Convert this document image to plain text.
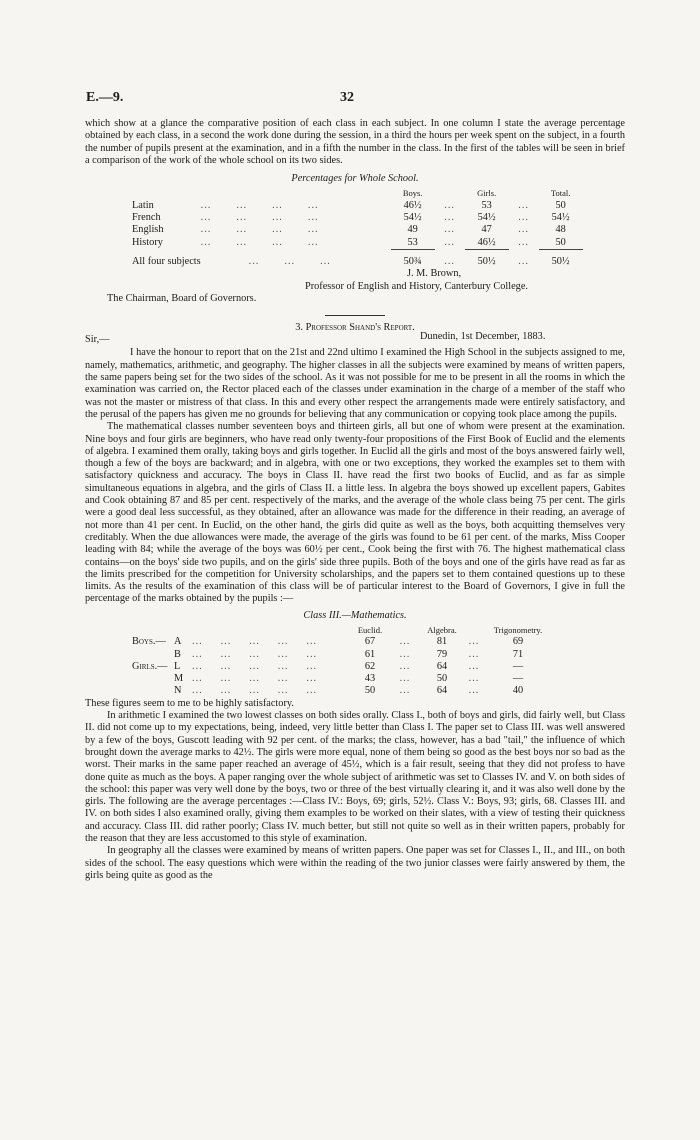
E.—9.	32

which show at a glance the comparative position of each class in each subject. In one column I state the average percentage obtained by each class, in a second the work done during the session, in a third the hours per week spent on the subject, in a fourth the number of pupils present at the examination, and in a fifth the number in the class. In the first of the tables will be seen in brief a comparison of the work of the whole school on its two sides.

Percentages for Whole School.

		Boys.		Girls.		Total.
Latin	...       ...       ...       ...	46½	...	53	...	50
French	...       ...       ...       ...	54½	...	54½	...	54½
English	...       ...       ...       ...	49	...	47	...	48
History	...       ...       ...       ...	53	...	46½	...	50
All four subjects	...       ...       ...	50¾	...	50½	...	50½

J. M. Brown,

Professor of English and History, Canterbury College.

The Chairman, Board of Governors.

3. Professor Shand's Report.

Sir,—	Dunedin, 1st December, 1883.

I have the honour to report that on the 21st and 22nd ultimo I examined the High School in the subjects assigned to me, namely, mathematics, arithmetic, and geography. The higher classes in all the subjects were examined by means of written papers, the same papers being set for the two sides of the school. As it was not possible for me to be present in all the rooms in which the examination was carried on, the Rector placed each of the classes under examination in the charge of a member of the staff who was not the master or mistress of that class. In this and every other respect the arrangements made were entirely satisfactory, and the perusal of the papers has given me no grounds for believing that any communication or copying took place among the pupils.

The mathematical classes number seventeen boys and thirteen girls, all but one of whom were present at the examination. Nine boys and four girls are beginners, who have read only twenty-four propositions of the First Book of Euclid and the elements of algebra. I examined them orally, taking boys and girls together. In Euclid all the girls and most of the boys answered fairly well, though a few of the boys are backward; and in algebra, with one or two exceptions, they worked the examples set to them with satisfactory quickness and accuracy. The boys in Class II. have read the first two books of Euclid, and as far as simple simultaneous equations in algebra, and the girls of Class II. a little less. In algebra the boys showed up excellent papers, Gabites and Cook obtaining 87 and 85 per cent. respectively of the marks, and the average of the whole class being 75 per cent. The girls were a good deal less successful, as they obtained, after an allowance was made for the difference in their reading, an average of not more than 41 per cent. In Euclid, on the other hand, the girls did quite as well as the boys, both acquitting themselves very creditably. When the due allowances were made, the average of the girls was found to be 61 per cent. of the marks, Miss Cooper leading with 84; while the average of the boys was 60½ per cent., Cook being the first with 76. The highest mathematical class contains—on the boys' side two pupils, and on the girls' side three pupils. Both of the boys and one of the girls have read as far as the limits prescribed for the competition for University scholarships, and the papers set to them contained questions up to these limits. As the results of the examination of this class will be of particular interest to the Board of Governors, I give in full the percentage of the marks obtained by the pupils :—

Class III.—Mathematics.

			Euclid.		Algebra.		Trigonometry.
Boys.—	A	...     ...     ...     ...     ...	67	...	81	...	69
	B	...     ...     ...     ...     ...	61	...	79	...	71
Girls.—	L	...     ...     ...     ...     ...	62	...	64	...	—
	M	...     ...     ...     ...     ...	43	...	50	...	—
	N	...     ...     ...     ...     ...	50	...	64	...	40

These figures seem to me to be highly satisfactory.

In arithmetic I examined the two lowest classes on both sides orally. Class I., both of boys and girls, did fairly well, but Class II. did not come up to my expectations, being, indeed, very little better than Class I. The paper set to Class III. was well answered by a few of the boys, Guscott leading with 92 per cent. of the marks; the class, however, has a bad "tail," the influence of which brought down the average marks to 42½. The girls were more equal, none of them being so good as the best boys nor so bad as the worst. Their marks in the same paper reached an average of 45½, which is a fair result, seeing that they did not profess to have done quite as much as the boys. A paper ranging over the whole subject of arithmetic was set to Classes IV. and V. on both sides of the school: this paper was very well done by the boys, two or three of the best virtually clearing it, and it was also well done by the girls. The following are the average percentages :—Class IV.: Boys, 69; girls, 52½. Class V.: Boys, 93; girls, 68. Classes III. and IV. on both sides I also examined orally, giving them examples to be worked on their slates, with a view of testing their quickness and accuracy. Class III. did rather poorly; Class IV. much better, but still not quite so well as in their written papers, probably for the reason that they are less accustomed to this style of examination.

In geography all the classes were examined by means of written papers. One paper was set for Classes I., II., and III., on both sides of the school. The easy questions which were within the reading of the two junior classes were fairly answered by them, the girls being quite as good as the
